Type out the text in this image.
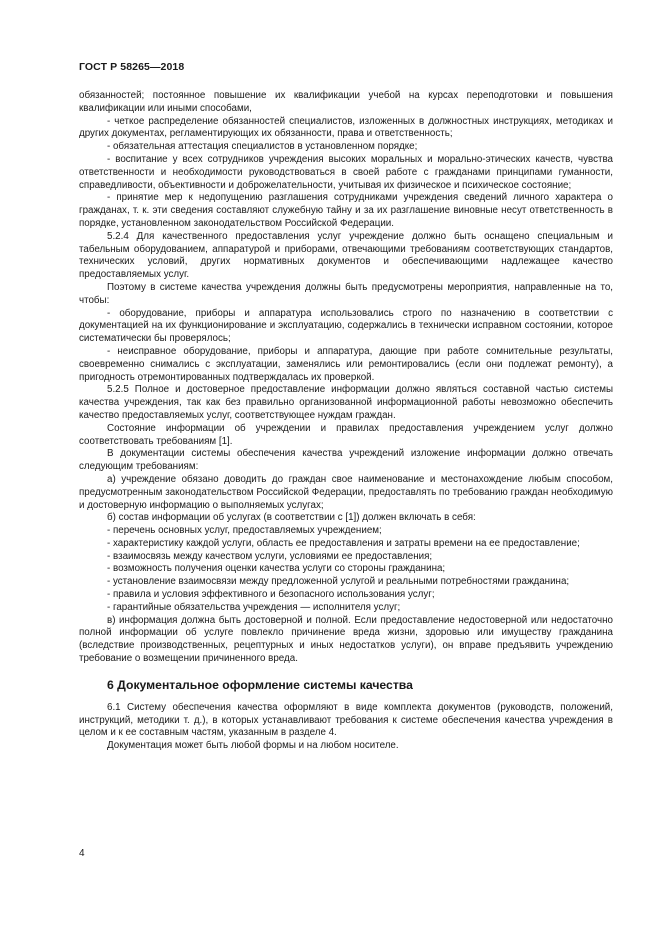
ГОСТ Р 58265—2018

обязанностей; постоянное повышение их квалификации учебой на курсах переподготовки и повышения квалификации или иными способами,

- четкое распределение обязанностей специалистов, изложенных в должностных инструкциях, методиках и других документах, регламентирующих их обязанности, права и ответственность;

- обязательная аттестация специалистов в установленном порядке;

- воспитание у всех сотрудников учреждения высоких моральных и морально-этических качеств, чувства ответственности и необходимости руководствоваться в своей работе с гражданами принципами гуманности, справедливости, объективности и доброжелательности, учитывая их физическое и психическое состояние;

- принятие мер к недопущению разглашения сотрудниками учреждения сведений личного характера о гражданах, т. к. эти сведения составляют служебную тайну и за их разглашение виновные несут ответственность в порядке, установленном законодательством Российской Федерации.

5.2.4 Для качественного предоставления услуг учреждение должно быть оснащено специальным и табельным оборудованием, аппаратурой и приборами, отвечающими требованиям соответствующих стандартов, технических условий, других нормативных документов и обеспечивающими надлежащее качество предоставляемых услуг.

Поэтому в системе качества учреждения должны быть предусмотрены мероприятия, направленные на то, чтобы:

- оборудование, приборы и аппаратура использовались строго по назначению в соответствии с документацией на их функционирование и эксплуатацию, содержались в технически исправном состоянии, которое систематически бы проверялось;

- неисправное оборудование, приборы и аппаратура, дающие при работе сомнительные результаты, своевременно снимались с эксплуатации, заменялись или ремонтировались (если они подлежат ремонту), а пригодность отремонтированных подтверждалась их проверкой.

5.2.5 Полное и достоверное предоставление информации должно являться составной частью системы качества учреждения, так как без правильно организованной информационной работы невозможно обеспечить качество предоставляемых услуг, соответствующее нуждам граждан.

Состояние информации об учреждении и правилах предоставления учреждением услуг должно соответствовать требованиям [1].

В документации системы обеспечения качества учреждений изложение информации должно отвечать следующим требованиям:

а) учреждение обязано доводить до граждан свое наименование и местонахождение любым способом, предусмотренным законодательством Российской Федерации, предоставлять по требованию граждан необходимую и достоверную информацию о выполняемых услугах;

б) состав информации об услугах (в соответствии с [1]) должен включать в себя:

- перечень основных услуг, предоставляемых учреждением;

- характеристику каждой услуги, область ее предоставления и затраты времени на ее предоставление;

- взаимосвязь между качеством услуги, условиями ее предоставления;

- возможность получения оценки качества услуги со стороны гражданина;

- установление взаимосвязи между предложенной услугой и реальными потребностями гражданина;

- правила и условия эффективного и безопасного использования услуг;

- гарантийные обязательства учреждения — исполнителя услуг;

в) информация должна быть достоверной и полной. Если предоставление недостоверной или недостаточно полной информации об услуге повлекло причинение вреда жизни, здоровью или имуществу гражданина (вследствие производственных, рецептурных и иных недостатков услуги), он вправе предъявить учреждению требование о возмещении причиненного вреда.

6 Документальное оформление системы качества

6.1 Систему обеспечения качества оформляют в виде комплекта документов (руководств, положений, инструкций, методики т. д.), в которых устанавливают требования к системе обеспечения качества учреждения в целом и к ее составным частям, указанным в разделе 4.

Документация может быть любой формы и на любом носителе.

4
